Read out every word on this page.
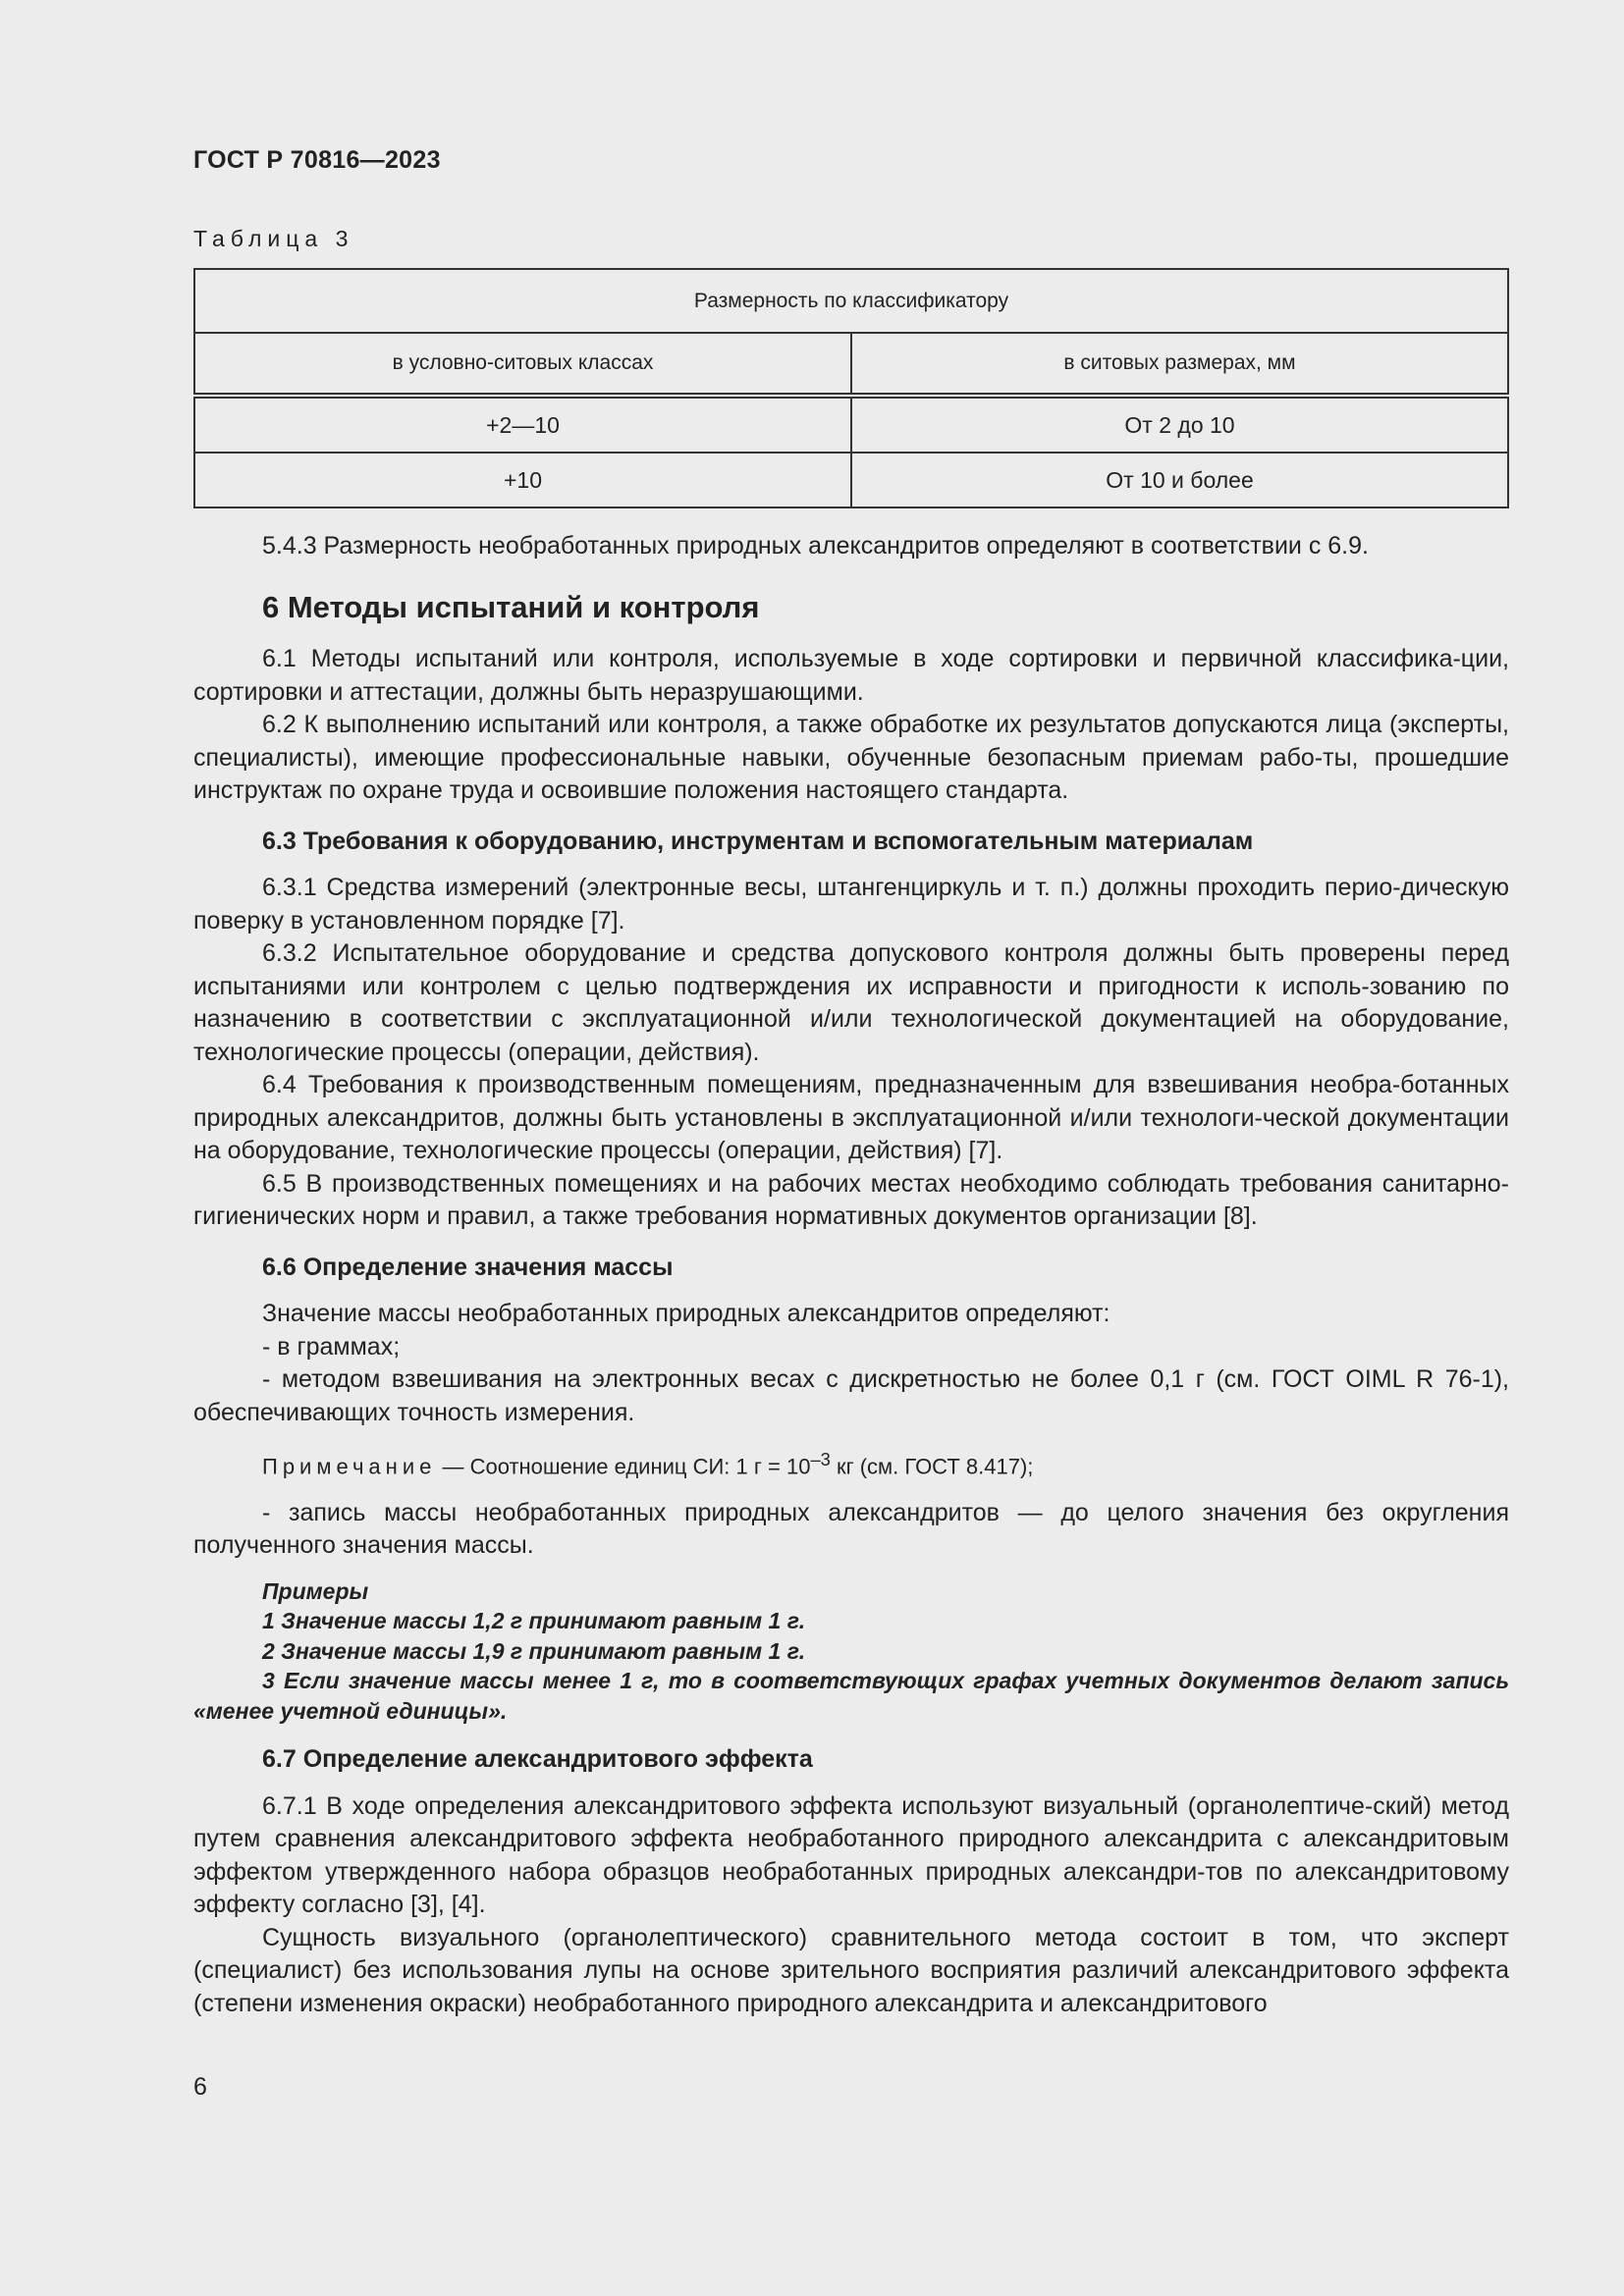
ГОСТ Р 70816—2023
Таблица 3
Размерность по классификатору	
в условно-ситовых классах	в ситовых размерах, мм
+2—10	От 2 до 10
+10	От 10 и более

5.4.3 Размерность необработанных природных александритов определяют в соответствии с 6.9.

6 Методы испытаний и контроля

6.1 Методы испытаний или контроля, используемые в ходе сортировки и первичной классифика-ции, сортировки и аттестации, должны быть неразрушающими.

6.2 К выполнению испытаний или контроля, а также обработке их результатов допускаются лица (эксперты, специалисты), имеющие профессиональные навыки, обученные безопасным приемам рабо-ты, прошедшие инструктаж по охране труда и освоившие положения настоящего стандарта.

6.3 Требования к оборудованию, инструментам и вспомогательным материалам

6.3.1 Средства измерений (электронные весы, штангенциркуль и т. п.) должны проходить перио-дическую поверку в установленном порядке [7].

6.3.2 Испытательное оборудование и средства допускового контроля должны быть проверены перед испытаниями или контролем с целью подтверждения их исправности и пригодности к исполь-зованию по назначению в соответствии с эксплуатационной и/или технологической документацией на оборудование, технологические процессы (операции, действия).

6.4 Требования к производственным помещениям, предназначенным для взвешивания необра-ботанных природных александритов, должны быть установлены в эксплуатационной и/или технологи-ческой документации на оборудование, технологические процессы (операции, действия) [7].

6.5 В производственных помещениях и на рабочих местах необходимо соблюдать требования санитарно-гигиенических норм и правил, а также требования нормативных документов организации [8].

6.6 Определение значения массы

Значение массы необработанных природных александритов определяют:

- в граммах;

- методом взвешивания на электронных весах с дискретностью не более 0,1 г (см. ГОСТ OIML R 76-1), обеспечивающих точность измерения.

Примечание — Соотношение единиц СИ: 1 $г = 10^{-3}$ кг (см. ГОСТ 8.417);

- запись массы необработанных природных александритов — до целого значения без округления полученного значения массы.

Примеры

1 Значение массы 1,2 г принимают равным 1 г.

2 Значение массы 1,9 г принимают равным 1 г.

3 Если значение массы менее 1 г, то в соответствующих графах учетных документов делают запись «менее учетной единицы».

6.7 Определение александритового эффекта

6.7.1 В ходе определения александритового эффекта используют визуальный (органолептиче-ский) метод путем сравнения александритового эффекта необработанного природного александрита с александритовым эффектом утвержденного набора образцов необработанных природных александри-тов по александритовому эффекту согласно [3], [4].

Сущность визуального (органолептического) сравнительного метода состоит в том, что эксперт (специалист) без использования лупы на основе зрительного восприятия различий александритового эффекта (степени изменения окраски) необработанного природного александрита и александритового

6
